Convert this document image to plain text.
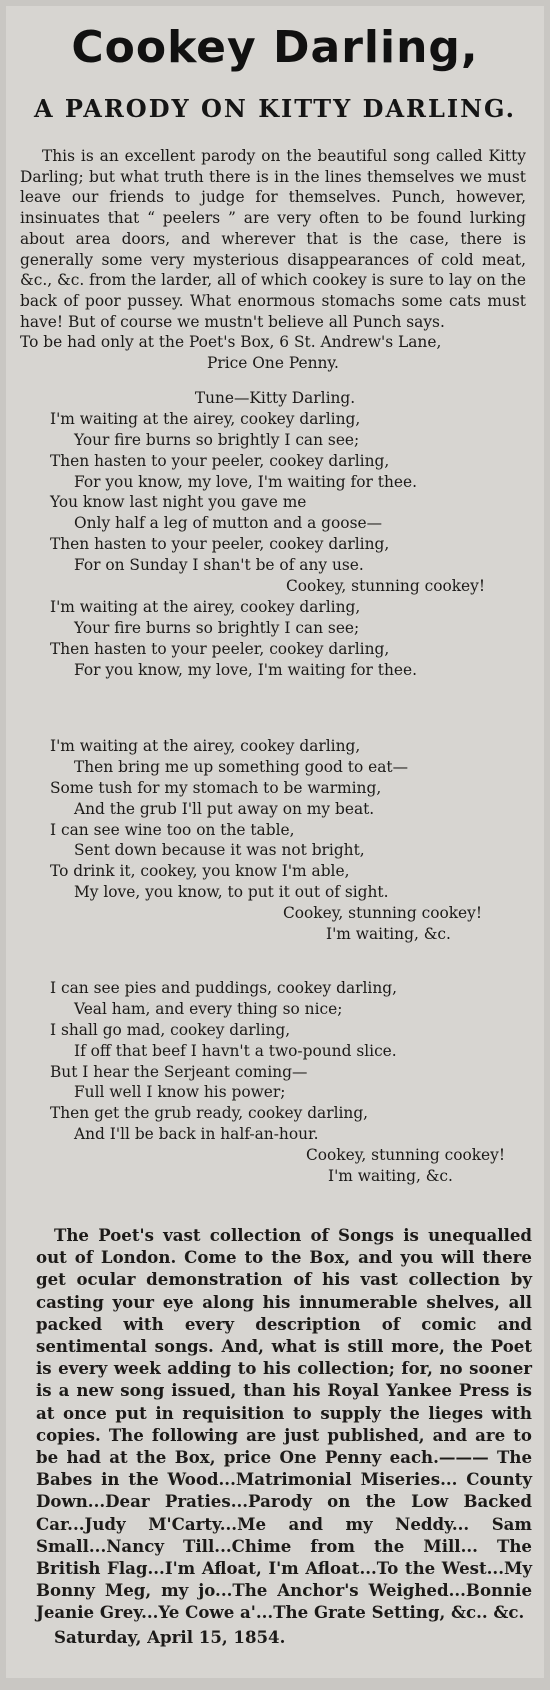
Cookey Darling,
A PARODY ON KITTY DARLING.

This is an excellent parody on the beautiful song called Kitty Darling; but what truth there is in the lines themselves we must leave our friends to judge for themselves. Punch, however, insinuates that “ peelers ” are very often to be found lurking about area doors, and wherever that is the case, there is generally some very mysterious disappearances of cold meat, &c., &c. from the larder, all of which cookey is sure to lay on the back of poor pussey. What enormous stomachs some cats must have! But of course we mustn't believe all Punch says.

To be had only at the Poet's Box, 6 St. Andrew's Lane,

Price One Penny.

Tune—Kitty Darling.
I'm waiting at the airey, cookey darling,
Your fire burns so brightly I can see;
Then hasten to your peeler, cookey darling,
For you know, my love, I'm waiting for thee.
You know last night you gave me
Only half a leg of mutton and a goose—
Then hasten to your peeler, cookey darling,
For on Sunday I shan't be of any use.
Cookey, stunning cookey!
I'm waiting at the airey, cookey darling,
Your fire burns so brightly I can see;
Then hasten to your peeler, cookey darling,
For you know, my love, I'm waiting for thee.
I'm waiting at the airey, cookey darling,
Then bring me up something good to eat—
Some tush for my stomach to be warming,
And the grub I'll put away on my beat.
I can see wine too on the table,
Sent down because it was not bright,
To drink it, cookey, you know I'm able,
My love, you know, to put it out of sight.
Cookey, stunning cookey!
I'm waiting, &c.
I can see pies and puddings, cookey darling,
Veal ham, and every thing so nice;
I shall go mad, cookey darling,
If off that beef I havn't a two-pound slice.
But I hear the Serjeant coming—
Full well I know his power;
Then get the grub ready, cookey darling,
And I'll be back in half-an-hour.
Cookey, stunning cookey!
I'm waiting, &c.

The Poet's vast collection of Songs is unequalled out of London. Come to the Box, and you will there get ocular demonstration of his vast collection by casting your eye along his innumerable shelves, all packed with every description of comic and sentimental songs. And, what is still more, the Poet is every week adding to his collection; for, no sooner is a new song issued, than his Royal Yankee Press is at once put in requisition to supply the lieges with copies. The following are just published, and are to be had at the Box, price One Penny each.——— The Babes in the Wood...Matrimonial Miseries... County Down...Dear Praties...Parody on the Low Backed Car...Judy M'Carty...Me and my Neddy... Sam Small...Nancy Till...Chime from the Mill... The British Flag...I'm Afloat, I'm Afloat...To the West...My Bonny Meg, my jo...The Anchor's Weighed...Bonnie Jeanie Grey...Ye Cowe a'...The Grate Setting, &c.. &c.

Saturday, April 15, 1854.
